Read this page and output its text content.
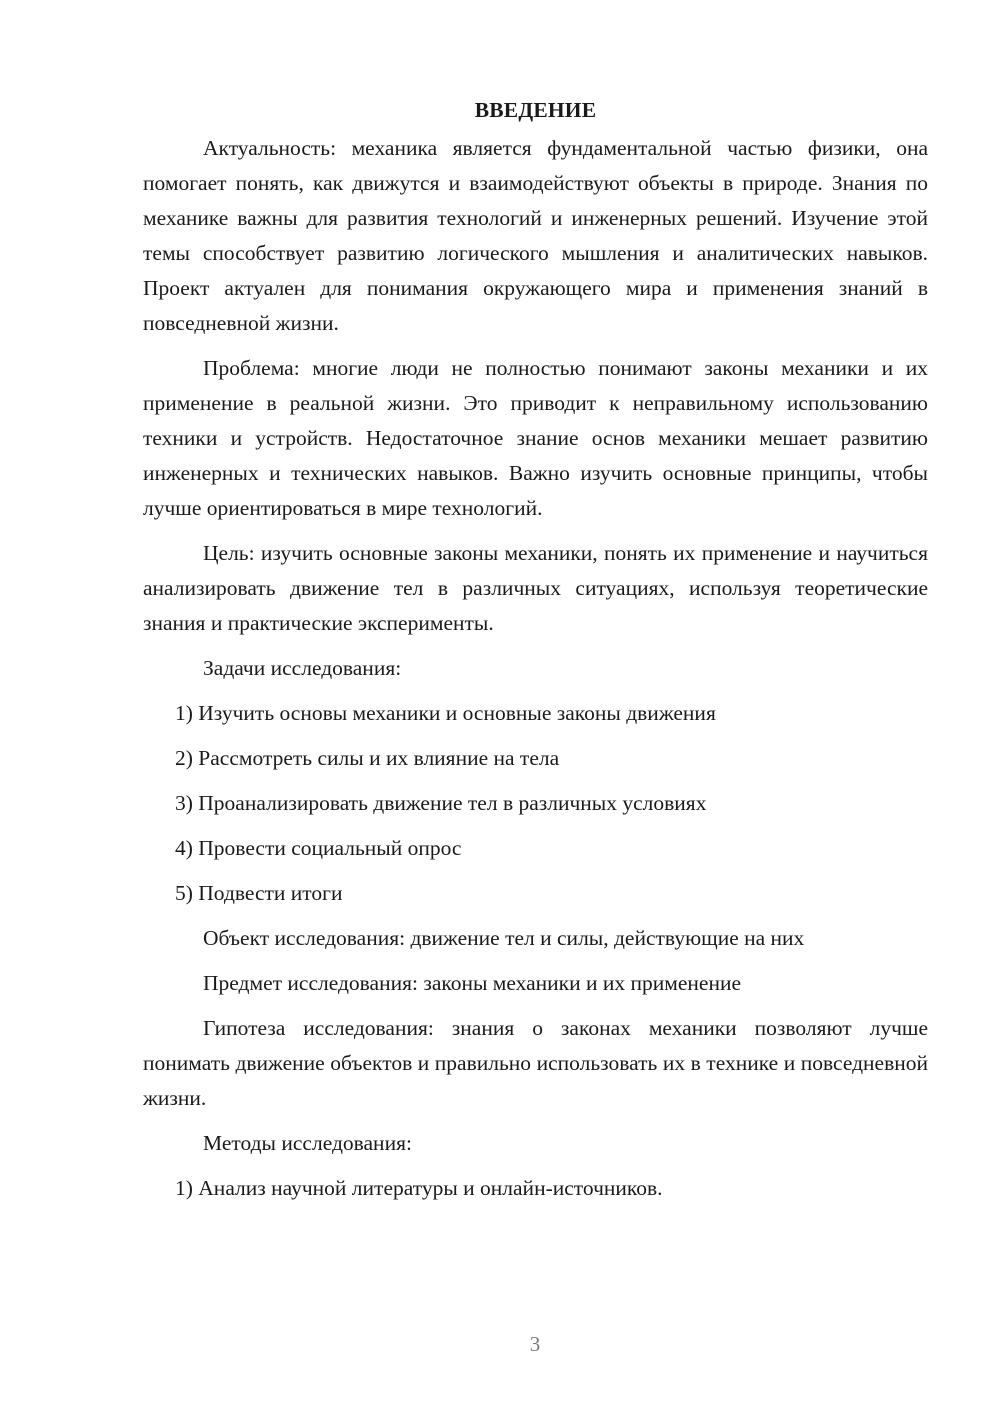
ВВЕДЕНИЕ

Актуальность: механика является фундаментальной частью физики, она помогает понять, как движутся и взаимодействуют объекты в природе. Знания по механике важны для развития технологий и инженерных решений. Изучение этой темы способствует развитию логического мышления и аналитических навыков. Проект актуален для понимания окружающего мира и применения знаний в повседневной жизни.

Проблема: многие люди не полностью понимают законы механики и их применение в реальной жизни. Это приводит к неправильному использованию техники и устройств. Недостаточное знание основ механики мешает развитию инженерных и технических навыков. Важно изучить основные принципы, чтобы лучше ориентироваться в мире технологий.

Цель: изучить основные законы механики, понять их применение и научиться анализировать движение тел в различных ситуациях, используя теоретические знания и практические эксперименты.

Задачи исследования:

1) Изучить основы механики и основные законы движения

2) Рассмотреть силы и их влияние на тела

3) Проанализировать движение тел в различных условиях

4) Провести социальный опрос

5) Подвести итоги

Объект исследования: движение тел и силы, действующие на них

Предмет исследования: законы механики и их применение

Гипотеза исследования: знания о законах механики позволяют лучше понимать движение объектов и правильно использовать их в технике и повседневной жизни.

Методы исследования:

1) Анализ научной литературы и онлайн-источников.

3
